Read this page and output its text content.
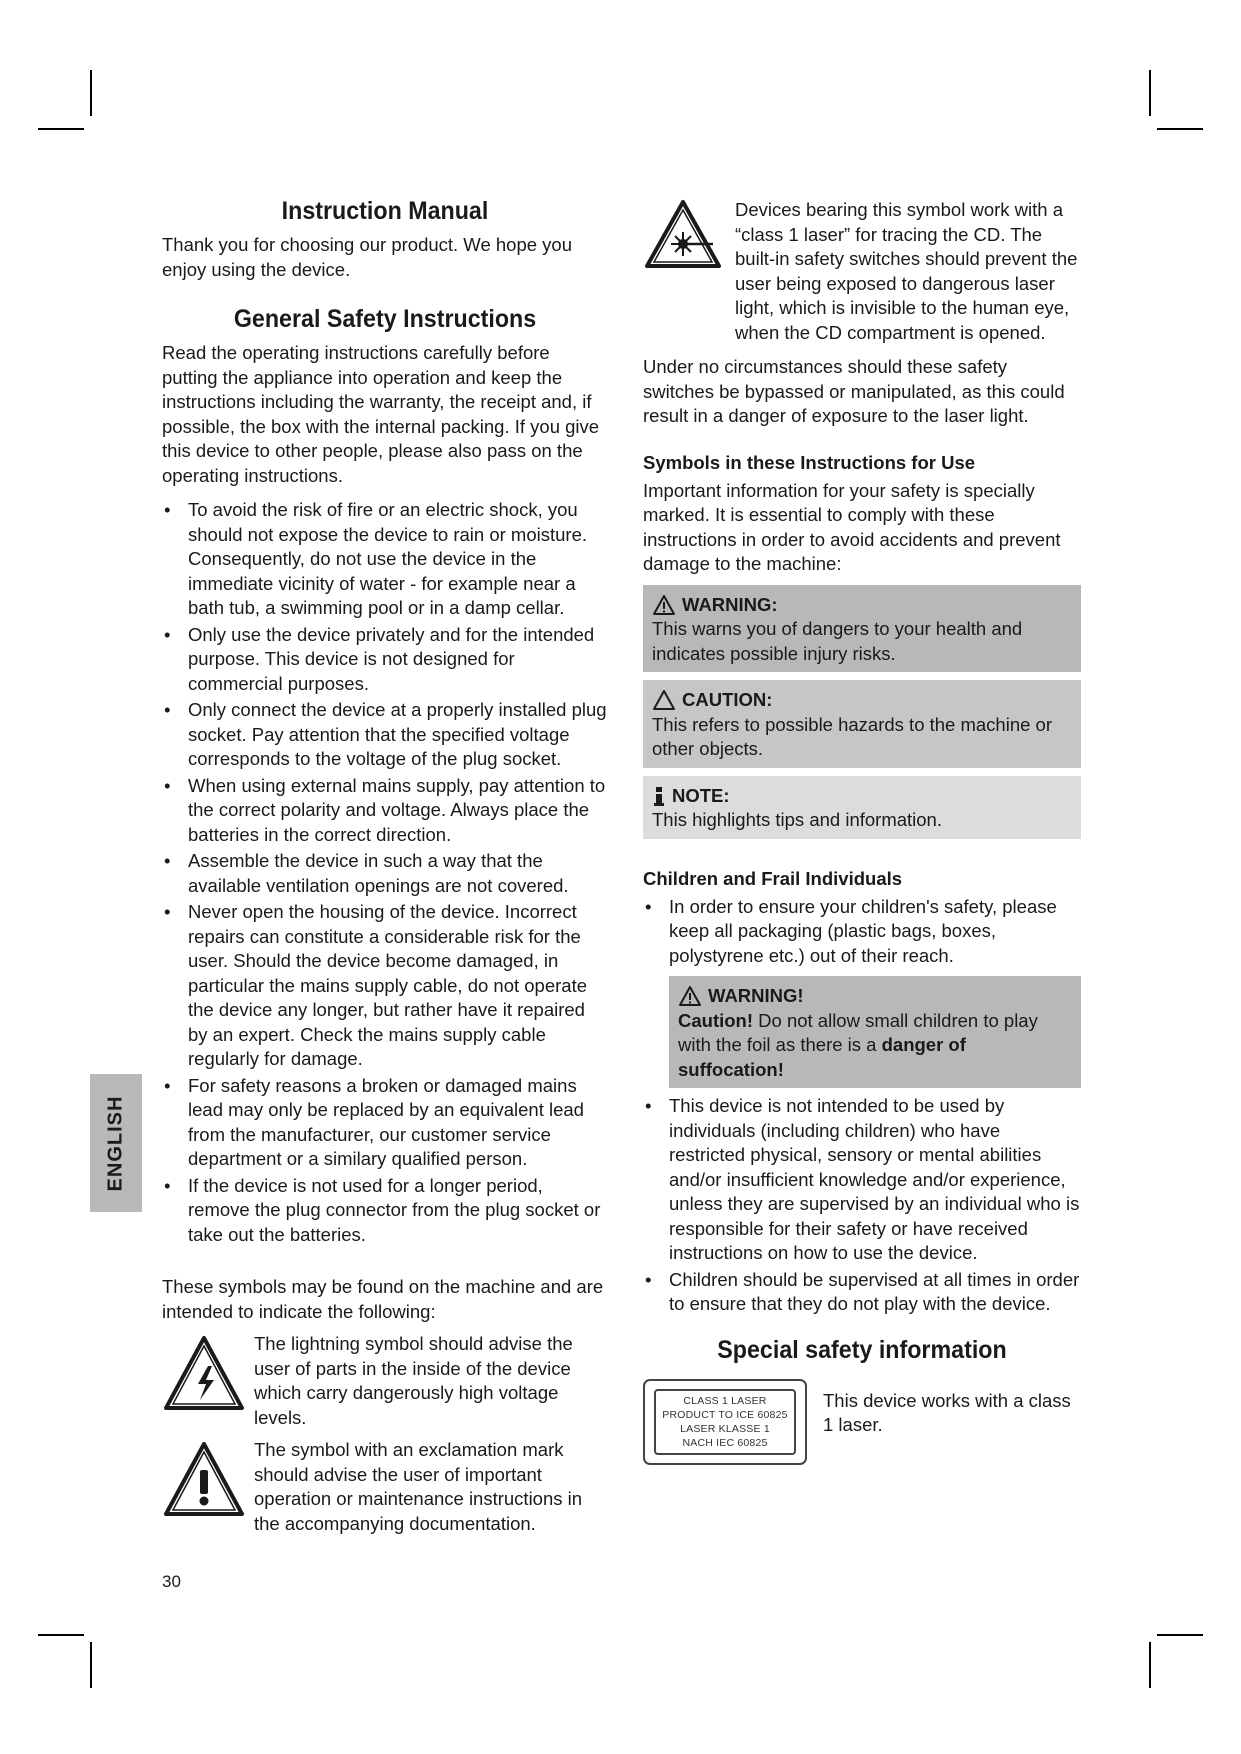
Instruction Manual

Thank you for choosing our product. We hope you enjoy using the device.

General Safety Instructions

Read the operating instructions carefully before putting the appliance into operation and keep the instructions including the warranty, the receipt and, if possible, the box with the internal packing. If you give this device to other people, please also pass on the operating instructions.

• To avoid the risk of fire or an electric shock, you should not expose the device to rain or moisture. Consequently, do not use the device in the immediate vicinity of water - for example near a bath tub, a swimming pool or in a damp cellar.
• Only use the device privately and for the intended purpose. This device is not designed for commercial purposes.
• Only connect the device at a properly installed plug socket. Pay attention that the specified voltage corresponds to the voltage of the plug socket.
• When using external mains supply, pay attention to the correct polarity and voltage. Always place the batteries in the correct direction.
• Assemble the device in such a way that the available ventilation openings are not covered.
• Never open the housing of the device. Incorrect repairs can constitute a considerable risk for the user. Should the device become damaged, in particular the mains supply cable, do not operate the device any longer, but rather have it repaired by an expert. Check the mains supply cable regularly for damage.
• For safety reasons a broken or damaged mains lead may only be replaced by an equivalent lead from the manufacturer, our customer service department or a similary qualified person.
• If the device is not used for a longer period, remove the plug connector from the plug socket or take out the batteries.

These symbols may be found on the machine and are intended to indicate the following:

The lightning symbol should advise the user of parts in the inside of the device which carry dangerously high voltage levels.

The symbol with an exclamation mark should advise the user of important operation or maintenance instructions in the accompanying documentation.

Devices bearing this symbol work with a “class 1 laser” for tracing the CD. The built-in safety switches should prevent the user being exposed to dangerous laser light, which is invisible to the human eye, when the CD compartment is opened.

Under no circumstances should these safety switches be bypassed or manipulated, as this could result in a danger of exposure to the laser light.

Symbols in these Instructions for Use

Important information for your safety is specially marked. It is essential to comply with these instructions in order to avoid accidents and prevent damage to the machine:

WARNING:

This warns you of dangers to your health and indicates possible injury risks.

CAUTION:

This refers to possible hazards to the machine or other objects.

NOTE:

This highlights tips and information.

Children and Frail Individuals
• In order to ensure your children's safety, please keep all packaging (plastic bags, boxes, polystyrene etc.) out of their reach.
WARNING!

Caution! Do not allow small children to play with the foil as there is a danger of suffocation!

• This device is not intended to be used by individuals (including children) who have restricted physical, sensory or mental abilities and/or insufficient knowledge and/or experience, unless they are supervised by an individual who is responsible for their safety or have received instructions on how to use the device.
• Children should be supervised at all times in order to ensure that they do not play with the device.
Special safety information
CLASS 1 LASER
PRODUCT TO ICE 60825
LASER KLASSE 1
NACH IEC 60825

This device works with a class 1 laser.

ENGLISH
30
